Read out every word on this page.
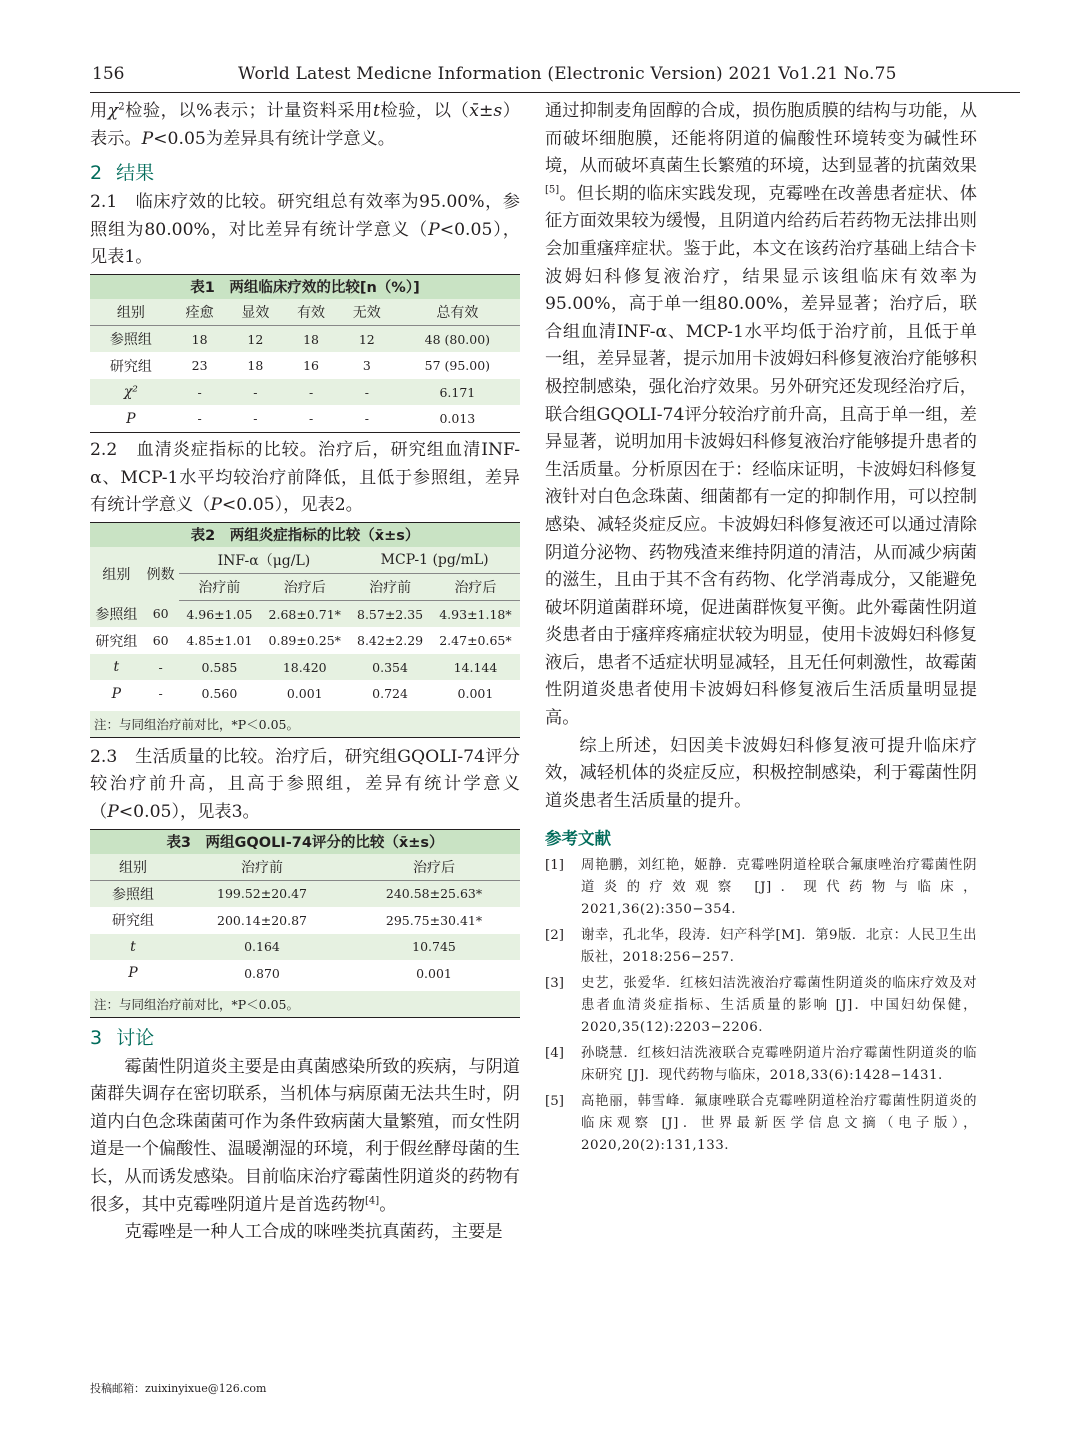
156	World Latest Medicne Information (Electronic Version) 2021 Vo1.21 No.75

用$\chi^2$检验，以%表示；计量资料采用t检验，以（x̄±s）表示。P<0.05为差异具有统计学意义。

2 结果

2.1　临床疗效的比较。研究组总有效率为95.00%，参照组为80.00%，对比差异有统计学意义（P<0.05），见表1。

表1　两组临床疗效的比较[n（%）]					
组别	痊愈	显效	有效	无效	总有效
参照组	18	12	18	12	48 (80.00)
研究组	23	18	16	3	57 (95.00)
χ²	-	-	-	-	6.171
P	-	-	-	-	0.013

2.2　血清炎症指标的比较。治疗后，研究组血清INF-α、MCP-1水平均较治疗前降低，且低于参照组，差异有统计学意义（P<0.05），见表2。

表2　两组炎症指标的比较（x̄±s）					
组别	例数	INF-α（μg/L)		MCP-1 (pg/mL)	
		治疗前	治疗后	治疗前	治疗后
参照组	60	4.96±1.05	2.68±0.71*	8.57±2.35	4.93±1.18*
研究组	60	4.85±1.01	0.89±0.25*	8.42±2.29	2.47±0.65*
t	-	0.585	18.420	0.354	14.144
P	-	0.560	0.001	0.724	0.001
注：与同组治疗前对比，*P＜0.05。

2.3　生活质量的比较。治疗后，研究组GQOLI-74评分较治疗前升高，且高于参照组，差异有统计学意义（P<0.05），见表3。

表3　两组GQOLI-74评分的比较（x̄±s）		
组别	治疗前	治疗后
参照组	199.52±20.47	240.58±25.63*
研究组	200.14±20.87	295.75±30.41*
t	0.164	10.745
P	0.870	0.001
注：与同组治疗前对比，*P＜0.05。
3 讨论

霉菌性阴道炎主要是由真菌感染所致的疾病，与阴道菌群失调存在密切联系，当机体与病原菌无法共生时，阴道内白色念珠菌菌可作为条件致病菌大量繁殖，而女性阴道是一个偏酸性、温暖潮湿的环境，利于假丝酵母菌的生长，从而诱发感染。目前临床治疗霉菌性阴道炎的药物有很多，其中克霉唑阴道片是首选药物[4]。

克霉唑是一种人工合成的咪唑类抗真菌药，主要是

通过抑制麦角固醇的合成，损伤胞质膜的结构与功能，从而破坏细胞膜，还能将阴道的偏酸性环境转变为碱性环境，从而破坏真菌生长繁殖的环境，达到显著的抗菌效果[5]。但长期的临床实践发现，克霉唑在改善患者症状、体征方面效果较为缓慢，且阴道内给药后若药物无法排出则会加重瘙痒症状。鉴于此，本文在该药治疗基础上结合卡波姆妇科修复液治疗，结果显示该组临床有效率为95.00%，高于单一组80.00%，差异显著；治疗后，联合组血清INF-α、MCP-1水平均低于治疗前，且低于单一组，差异显著，提示加用卡波姆妇科修复液治疗能够积极控制感染，强化治疗效果。另外研究还发现经治疗后，联合组GQOLI-74评分较治疗前升高，且高于单一组，差异显著，说明加用卡波姆妇科修复液治疗能够提升患者的生活质量。分析原因在于：经临床证明，卡波姆妇科修复液针对白色念珠菌、细菌都有一定的抑制作用，可以控制感染、减轻炎症反应。卡波姆妇科修复液还可以通过清除阴道分泌物、药物残渣来维持阴道的清洁，从而减少病菌的滋生，且由于其不含有药物、化学消毒成分，又能避免破坏阴道菌群环境，促进菌群恢复平衡。此外霉菌性阴道炎患者由于瘙痒疼痛症状较为明显，使用卡波姆妇科修复液后，患者不适症状明显减轻，且无任何刺激性，故霉菌性阴道炎患者使用卡波姆妇科修复液后生活质量明显提高。

综上所述，妇因美卡波姆妇科修复液可提升临床疗效，减轻机体的炎症反应，积极控制感染，利于霉菌性阴道炎患者生活质量的提升。

参考文献
[1]	周艳鹏，刘红艳，姬静．克霉唑阴道栓联合氟康唑治疗霉菌性阴道炎的疗效观察 [J]．现代药物与临床，2021,36(2):350−354.
[2]	谢幸，孔北华，段涛．妇产科学[M]．第9版．北京：人民卫生出版社，2018:256−257.
[3]	史艺，张爱华．红核妇洁洗液治疗霉菌性阴道炎的临床疗效及对患者血清炎症指标、生活质量的影响 [J]．中国妇幼保健，2020,35(12):2203−2206.
[4]	孙晓慧．红核妇洁洗液联合克霉唑阴道片治疗霉菌性阴道炎的临床研究 [J]．现代药物与临床，2018,33(6):1428−1431.
[5]	高艳丽，韩雪峰．氟康唑联合克霉唑阴道栓治疗霉菌性阴道炎的临床观察 [J]．世界最新医学信息文摘（电子版），2020,20(2):131,133.
投稿邮箱：zuixinyixue@126.com
